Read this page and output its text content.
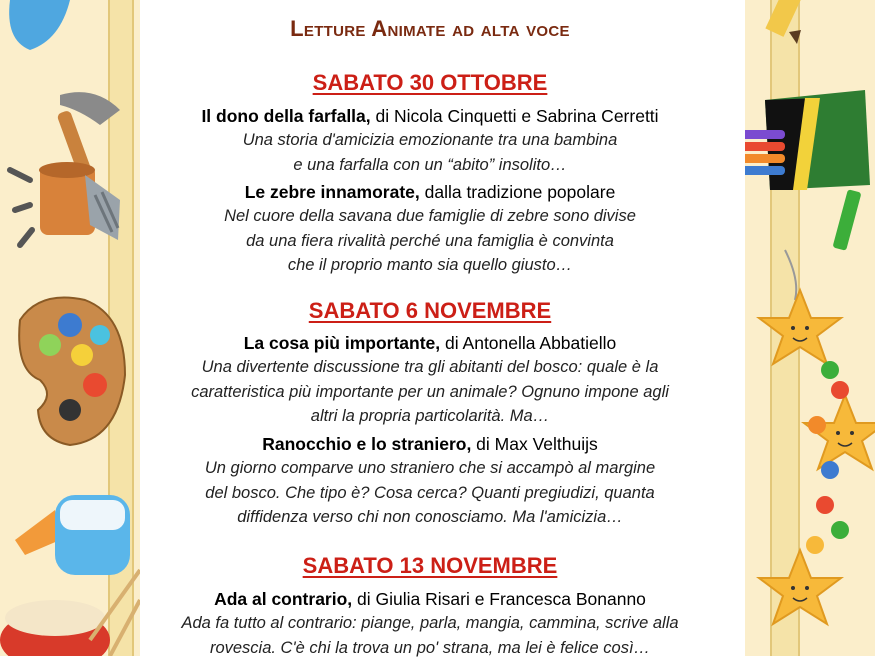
Letture Animate ad alta voce
SABATO 30 OTTOBRE
Il dono della farfalla, di Nicola Cinquetti e Sabrina Cerretti
Una storia d'amicizia emozionante tra una bambina
e una farfalla con un “abito” insolito…
Le zebre innamorate, dalla tradizione popolare
Nel cuore della savana due famiglie di zebre sono divise
da una fiera rivalità perché una famiglia è convinta
che il proprio manto sia quello giusto…
SABATO 6 NOVEMBRE
La cosa più importante, di Antonella Abbatiello
Una divertente discussione tra gli abitanti del bosco: quale è la
caratteristica più importante per un animale? Ognuno impone agli
altri la propria particolarità. Ma…
Ranocchio e lo straniero, di Max Velthuijs
Un giorno comparve uno straniero che si accampò al margine
del bosco. Che tipo è? Cosa cerca? Quanti pregiudizi, quanta
diffidenza verso chi non conosciamo. Ma l'amicizia…
SABATO 13 NOVEMBRE
Ada al contrario, di Giulia Risari e Francesca Bonanno
Ada fa tutto al contrario: piange, parla, mangia, cammina, scrive alla
rovescia. C'è chi la trova un po' strana, ma lei è felice così…
